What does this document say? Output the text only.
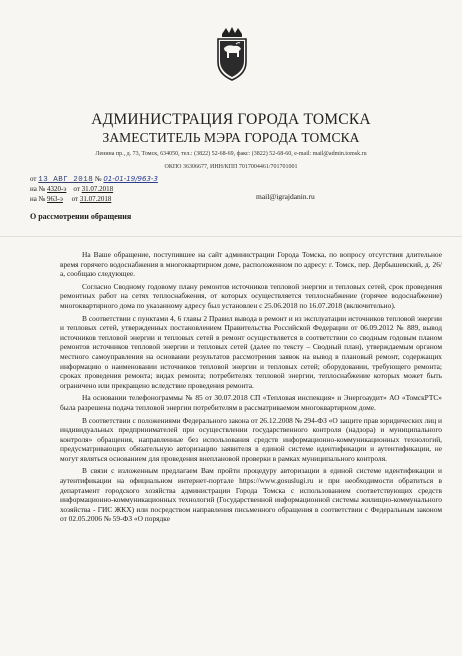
АДМИНИСТРАЦИЯ ГОРОДА ТОМСКА
ЗАМЕСТИТЕЛЬ МЭРА ГОРОДА ТОМСКА
Ленина пр., д. 73, Томск, 634050, тел.: (3822) 52-68-69, факс: (3822) 52-68-60, e-mail: mail@admin.tomsk.ru
ОКПО 36306677, ИНН/КПП 7017004461/701701001
от 13 АВГ 2018 № 01-01-19/963-3
на № 4320-э от 31.07.2018
на № 963-э от 31.07.2018	mail@igrajdanin.ru
О рассмотрении обращения

На Ваше обращение, поступившее на сайт администрации Города Томска, по вопросу отсутствия длительное время горячего водоснабжения в многоквартирном доме, расположенном по адресу: г. Томск, пер. Дербышевский, д. 26/а, сообщаю следующее.

Согласно Сводному годовому плану ремонтов источников тепловой энергии и тепловых сетей, срок проведения ремонтных работ на сетях теплоснабжения, от которых осуществляется теплоснабжение (горячее водоснабжение) многоквартирного дома по указанному адресу был установлен с 25.06.2018 по 16.07.2018 (включительно).

В соответствии с пунктами 4, 6 главы 2 Правил вывода в ремонт и из эксплуатации источников тепловой энергии и тепловых сетей, утвержденных постановлением Правительства Российской Федерации от 06.09.2012 № 889, вывод источников тепловой энергии и тепловых сетей в ремонт осуществляется в соответствии со сводным годовым планом ремонтов источников тепловой энергии и тепловых сетей (далее по тексту – Сводный план), утверждаемым органом местного самоуправления на основании результатов рассмотрения заявок на вывод в плановый ремонт, содержащих информацию о наименовании источников тепловой энергии и тепловых сетей; оборудовании, требующего ремонта; сроках проведения ремонта; видах ремонта; потребителях тепловой энергии, теплоснабжение которых может быть ограничено или прекращено вследствие проведения ремонта.

На основании телефонограммы № 85 от 30.07.2018 СП «Тепловая инспекция» и Энергоаудит» АО «ТомскРТС» была разрешена подача тепловой энергии потребителям в рассматриваемом многоквартирном доме.

В соответствии с положениями Федерального закона от 26.12.2008 № 294-ФЗ «О защите прав юридических лиц и индивидуальных предпринимателей при осуществлении государственного контроля (надзора) и муниципального контроля» обращения, направленные без использования средств информационно-коммуникационных технологий, предусматривающих обязательную авторизацию заявителя в единой системе идентификации и аутентификации, не могут являться основанием для проведения внеплановой проверки в рамках муниципального контроля.

В связи с изложенным предлагаем Вам пройти процедуру авторизации в единой системе идентификации и аутентификации на официальном интернет-портале https://www.gosuslugi.ru и при необходимости обратиться в департамент городского хозяйства администрации Города Томска с использованием соответствующих средств информационно-коммуникационных технологий (Государственной информационной системы жилищно-коммунального хозяйства - ГИС ЖКХ) или посредством направления письменного обращения в соответствии с Федеральным законом от 02.05.2006 № 59-ФЗ «О порядке
